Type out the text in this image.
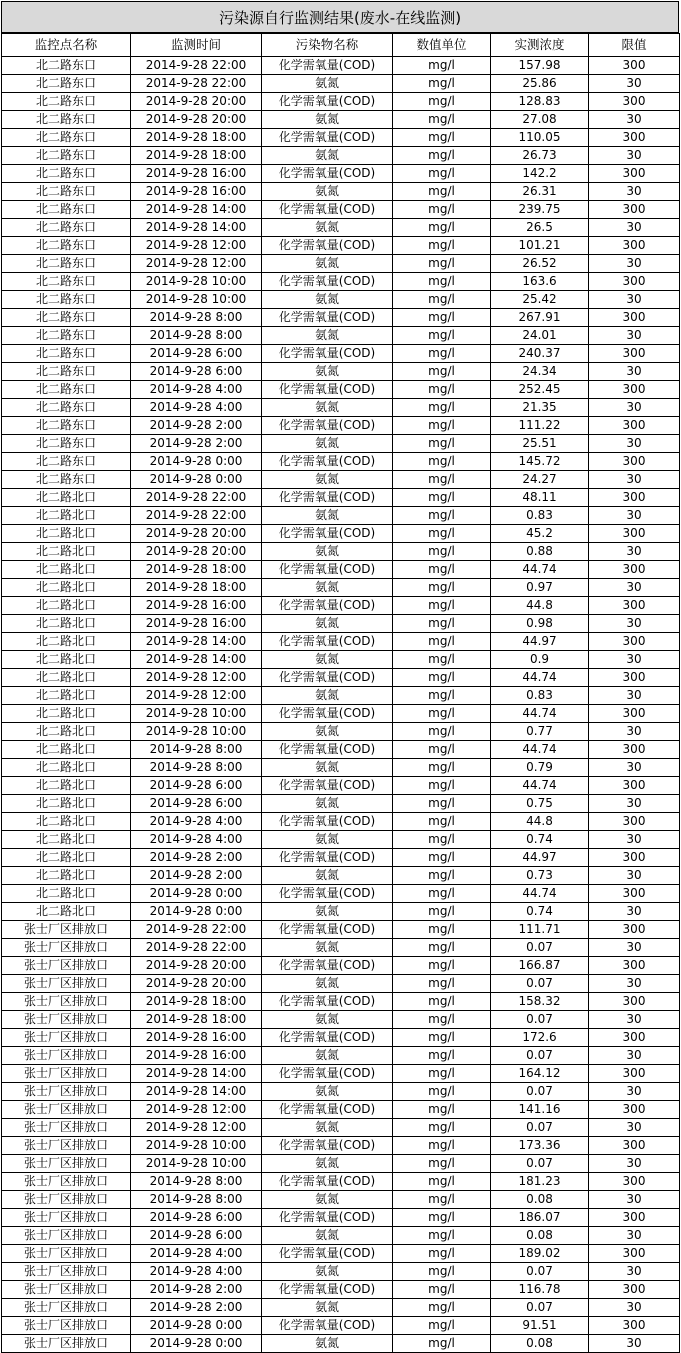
污染源自行监测结果(废水-在线监测)
监控点名称	监测时间	污染物名称	数值单位	实测浓度	限值
北二路东口	2014-9-28 22:00	化学需氧量(COD)	mg/l	157.98	300
北二路东口	2014-9-28 22:00	氨氮	mg/l	25.86	30
北二路东口	2014-9-28 20:00	化学需氧量(COD)	mg/l	128.83	300
北二路东口	2014-9-28 20:00	氨氮	mg/l	27.08	30
北二路东口	2014-9-28 18:00	化学需氧量(COD)	mg/l	110.05	300
北二路东口	2014-9-28 18:00	氨氮	mg/l	26.73	30
北二路东口	2014-9-28 16:00	化学需氧量(COD)	mg/l	142.2	300
北二路东口	2014-9-28 16:00	氨氮	mg/l	26.31	30
北二路东口	2014-9-28 14:00	化学需氧量(COD)	mg/l	239.75	300
北二路东口	2014-9-28 14:00	氨氮	mg/l	26.5	30
北二路东口	2014-9-28 12:00	化学需氧量(COD)	mg/l	101.21	300
北二路东口	2014-9-28 12:00	氨氮	mg/l	26.52	30
北二路东口	2014-9-28 10:00	化学需氧量(COD)	mg/l	163.6	300
北二路东口	2014-9-28 10:00	氨氮	mg/l	25.42	30
北二路东口	2014-9-28 8:00	化学需氧量(COD)	mg/l	267.91	300
北二路东口	2014-9-28 8:00	氨氮	mg/l	24.01	30
北二路东口	2014-9-28 6:00	化学需氧量(COD)	mg/l	240.37	300
北二路东口	2014-9-28 6:00	氨氮	mg/l	24.34	30
北二路东口	2014-9-28 4:00	化学需氧量(COD)	mg/l	252.45	300
北二路东口	2014-9-28 4:00	氨氮	mg/l	21.35	30
北二路东口	2014-9-28 2:00	化学需氧量(COD)	mg/l	111.22	300
北二路东口	2014-9-28 2:00	氨氮	mg/l	25.51	30
北二路东口	2014-9-28 0:00	化学需氧量(COD)	mg/l	145.72	300
北二路东口	2014-9-28 0:00	氨氮	mg/l	24.27	30
北二路北口	2014-9-28 22:00	化学需氧量(COD)	mg/l	48.11	300
北二路北口	2014-9-28 22:00	氨氮	mg/l	0.83	30
北二路北口	2014-9-28 20:00	化学需氧量(COD)	mg/l	45.2	300
北二路北口	2014-9-28 20:00	氨氮	mg/l	0.88	30
北二路北口	2014-9-28 18:00	化学需氧量(COD)	mg/l	44.74	300
北二路北口	2014-9-28 18:00	氨氮	mg/l	0.97	30
北二路北口	2014-9-28 16:00	化学需氧量(COD)	mg/l	44.8	300
北二路北口	2014-9-28 16:00	氨氮	mg/l	0.98	30
北二路北口	2014-9-28 14:00	化学需氧量(COD)	mg/l	44.97	300
北二路北口	2014-9-28 14:00	氨氮	mg/l	0.9	30
北二路北口	2014-9-28 12:00	化学需氧量(COD)	mg/l	44.74	300
北二路北口	2014-9-28 12:00	氨氮	mg/l	0.83	30
北二路北口	2014-9-28 10:00	化学需氧量(COD)	mg/l	44.74	300
北二路北口	2014-9-28 10:00	氨氮	mg/l	0.77	30
北二路北口	2014-9-28 8:00	化学需氧量(COD)	mg/l	44.74	300
北二路北口	2014-9-28 8:00	氨氮	mg/l	0.79	30
北二路北口	2014-9-28 6:00	化学需氧量(COD)	mg/l	44.74	300
北二路北口	2014-9-28 6:00	氨氮	mg/l	0.75	30
北二路北口	2014-9-28 4:00	化学需氧量(COD)	mg/l	44.8	300
北二路北口	2014-9-28 4:00	氨氮	mg/l	0.74	30
北二路北口	2014-9-28 2:00	化学需氧量(COD)	mg/l	44.97	300
北二路北口	2014-9-28 2:00	氨氮	mg/l	0.73	30
北二路北口	2014-9-28 0:00	化学需氧量(COD)	mg/l	44.74	300
北二路北口	2014-9-28 0:00	氨氮	mg/l	0.74	30
张士厂区排放口	2014-9-28 22:00	化学需氧量(COD)	mg/l	111.71	300
张士厂区排放口	2014-9-28 22:00	氨氮	mg/l	0.07	30
张士厂区排放口	2014-9-28 20:00	化学需氧量(COD)	mg/l	166.87	300
张士厂区排放口	2014-9-28 20:00	氨氮	mg/l	0.07	30
张士厂区排放口	2014-9-28 18:00	化学需氧量(COD)	mg/l	158.32	300
张士厂区排放口	2014-9-28 18:00	氨氮	mg/l	0.07	30
张士厂区排放口	2014-9-28 16:00	化学需氧量(COD)	mg/l	172.6	300
张士厂区排放口	2014-9-28 16:00	氨氮	mg/l	0.07	30
张士厂区排放口	2014-9-28 14:00	化学需氧量(COD)	mg/l	164.12	300
张士厂区排放口	2014-9-28 14:00	氨氮	mg/l	0.07	30
张士厂区排放口	2014-9-28 12:00	化学需氧量(COD)	mg/l	141.16	300
张士厂区排放口	2014-9-28 12:00	氨氮	mg/l	0.07	30
张士厂区排放口	2014-9-28 10:00	化学需氧量(COD)	mg/l	173.36	300
张士厂区排放口	2014-9-28 10:00	氨氮	mg/l	0.07	30
张士厂区排放口	2014-9-28 8:00	化学需氧量(COD)	mg/l	181.23	300
张士厂区排放口	2014-9-28 8:00	氨氮	mg/l	0.08	30
张士厂区排放口	2014-9-28 6:00	化学需氧量(COD)	mg/l	186.07	300
张士厂区排放口	2014-9-28 6:00	氨氮	mg/l	0.08	30
张士厂区排放口	2014-9-28 4:00	化学需氧量(COD)	mg/l	189.02	300
张士厂区排放口	2014-9-28 4:00	氨氮	mg/l	0.07	30
张士厂区排放口	2014-9-28 2:00	化学需氧量(COD)	mg/l	116.78	300
张士厂区排放口	2014-9-28 2:00	氨氮	mg/l	0.07	30
张士厂区排放口	2014-9-28 0:00	化学需氧量(COD)	mg/l	91.51	300
张士厂区排放口	2014-9-28 0:00	氨氮	mg/l	0.08	30
